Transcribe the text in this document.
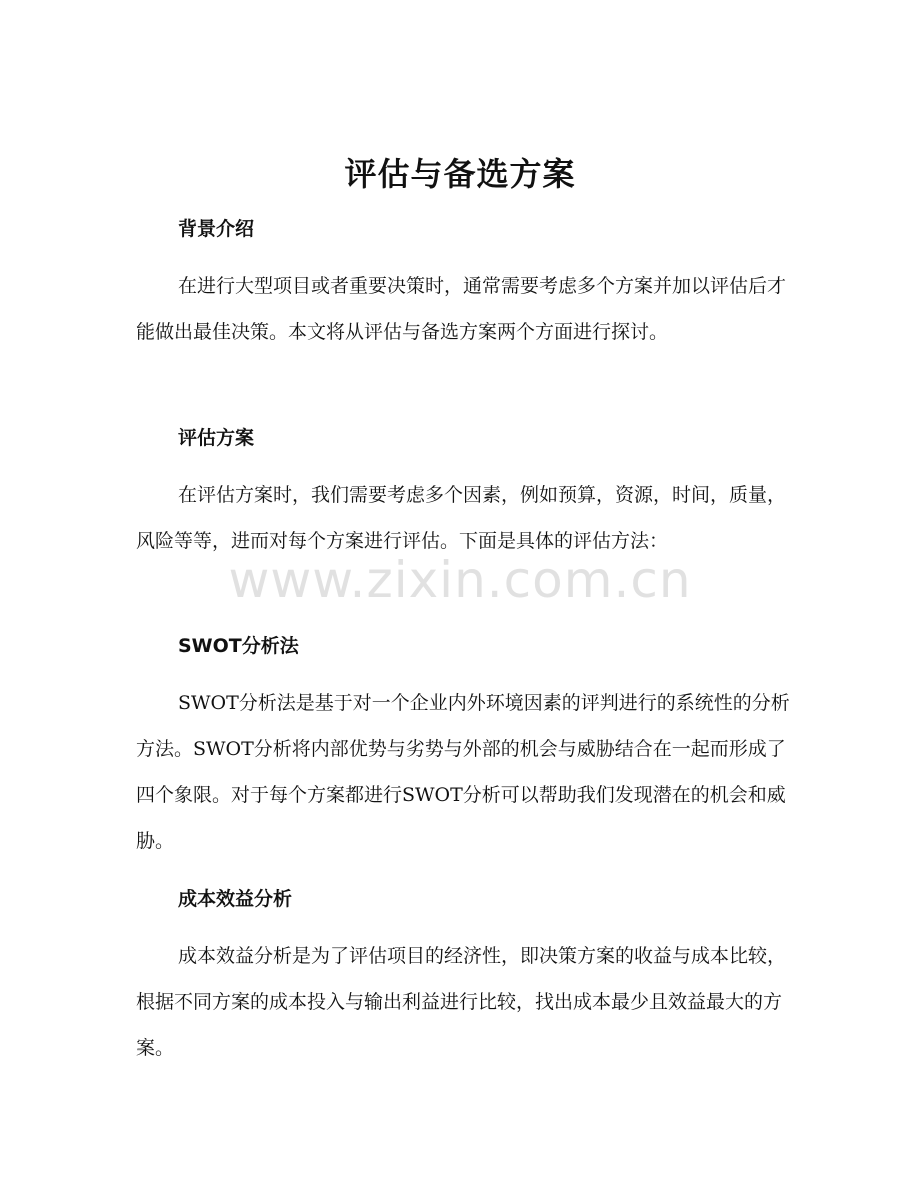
评估与备选方案
背景介绍

在进行大型项目或者重要决策时，通常需要考虑多个方案并加以评估后才能做出最佳决策。本文将从评估与备选方案两个方面进行探讨。

评估方案

在评估方案时，我们需要考虑多个因素，例如预算，资源，时间，质量，风险等等，进而对每个方案进行评估。下面是具体的评估方法：

SWOT分析法

SWOT分析法是基于对一个企业内外环境因素的评判进行的系统性的分析方法。SWOT分析将内部优势与劣势与外部的机会与威胁结合在一起而形成了四个象限。对于每个方案都进行SWOT分析可以帮助我们发现潜在的机会和威胁。

成本效益分析

成本效益分析是为了评估项目的经济性，即决策方案的收益与成本比较，根据不同方案的成本投入与输出利益进行比较，找出成本最少且效益最大的方案。

www.zixin.com.cn
